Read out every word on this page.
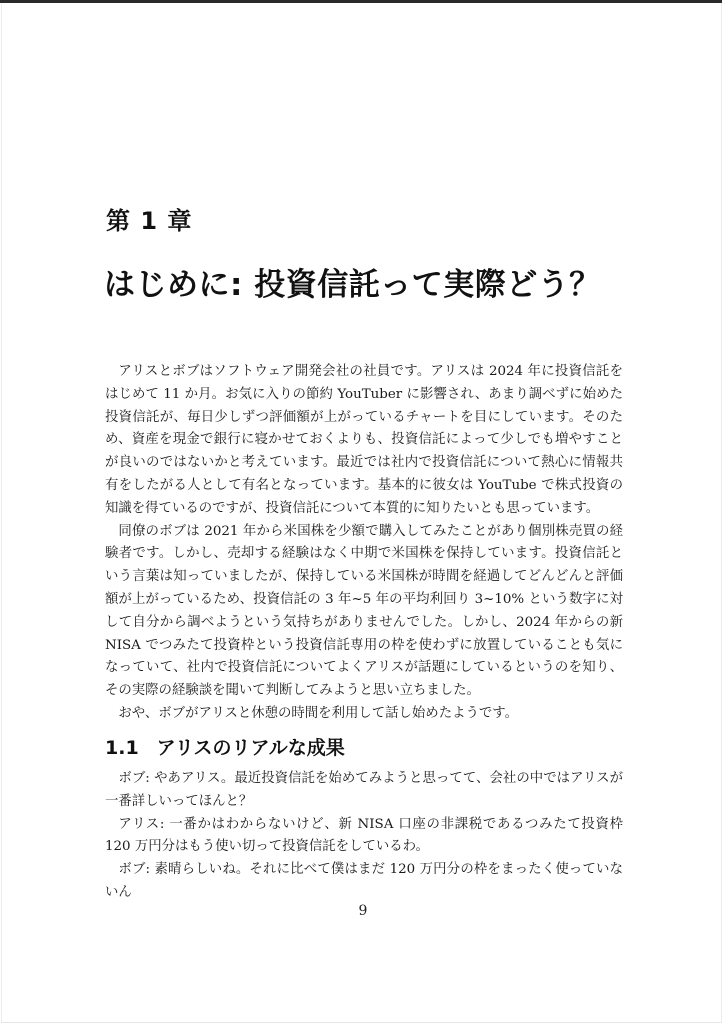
第 1 章
はじめに: 投資信託って実際どう？

アリスとボブはソフトウェア開発会社の社員です。アリスは 2024 年に投資信託をはじめて 11 か月。お気に入りの節約 YouTuber に影響され、あまり調べずに始めた投資信託が、毎日少しずつ評価額が上がっているチャートを目にしています。そのため、資産を現金で銀行に寝かせておくよりも、投資信託によって少しでも増やすことが良いのではないかと考えています。最近では社内で投資信託について熱心に情報共有をしたがる人として有名となっています。基本的に彼女は YouTube で株式投資の知識を得ているのですが、投資信託について本質的に知りたいとも思っています。

同僚のボブは 2021 年から米国株を少額で購入してみたことがあり個別株売買の経験者です。しかし、売却する経験はなく中期で米国株を保持しています。投資信託という言葉は知っていましたが、保持している米国株が時間を経過してどんどんと評価額が上がっているため、投資信託の 3 年~5 年の平均利回り 3~10% という数字に対して自分から調べようという気持ちがありませんでした。しかし、2024 年からの新 NISA でつみたて投資枠という投資信託専用の枠を使わずに放置していることも気になっていて、社内で投資信託についてよくアリスが話題にしているというのを知り、その実際の経験談を聞いて判断してみようと思い立ちました。

おや、ボブがアリスと休憩の時間を利用して話し始めたようです。

1.1 アリスのリアルな成果

ボブ: やあアリス。最近投資信託を始めてみようと思ってて、会社の中ではアリスが一番詳しいってほんと？

アリス: 一番かはわからないけど、新 NISA 口座の非課税であるつみたて投資枠 120 万円分はもう使い切って投資信託をしているわ。

ボブ: 素晴らしいね。それに比べて僕はまだ 120 万円分の枠をまったく使っていないん

9
